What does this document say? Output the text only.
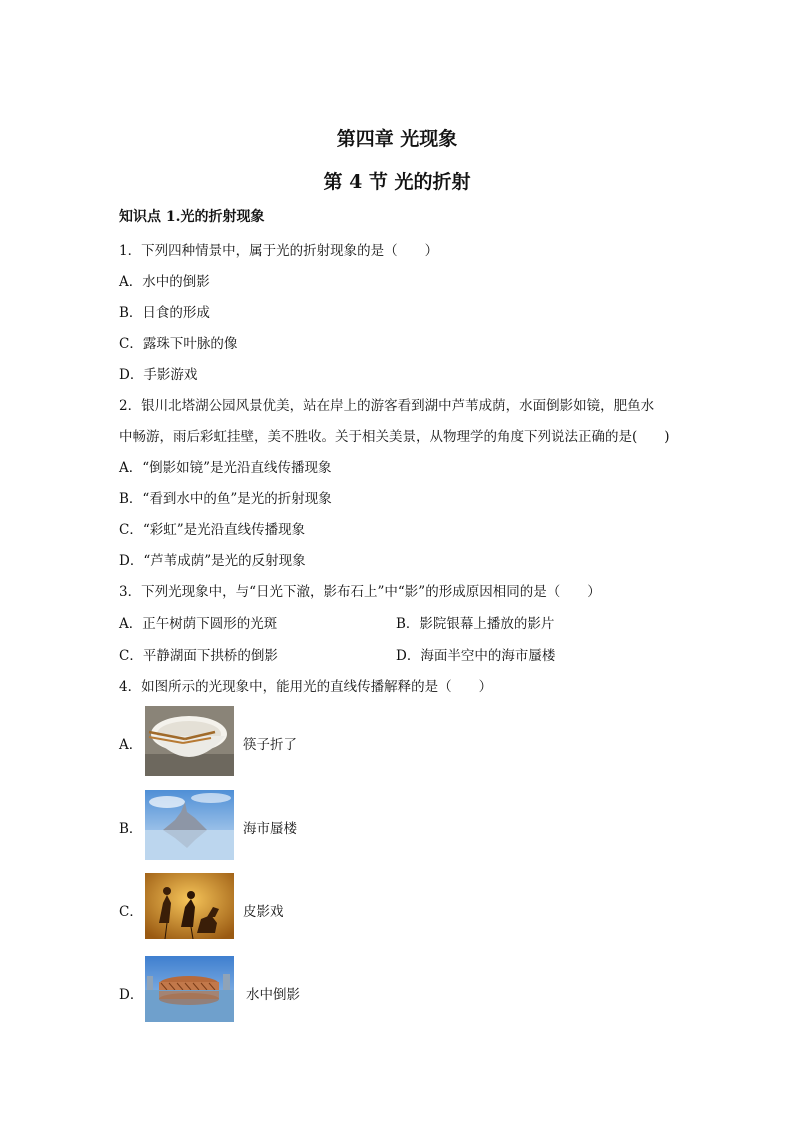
第四章 光现象
第 4 节 光的折射
知识点 1.光的折射现象
1．下列四种情景中，属于光的折射现象的是（　　）
A．水中的倒影
B．日食的形成
C．露珠下叶脉的像
D．手影游戏
2．银川北塔湖公园风景优美，站在岸上的游客看到湖中芦苇成荫，水面倒影如镜，肥鱼水
中畅游，雨后彩虹挂壁，美不胜收。关于相关美景，从物理学的角度下列说法正确的是(　　)
A．“倒影如镜”是光沿直线传播现象
B．“看到水中的鱼”是光的折射现象
C．“彩虹”是光沿直线传播现象
D．“芦苇成荫”是光的反射现象
3．下列光现象中，与“日光下澈，影布石上”中“影”的形成原因相同的是（　　）
A．正午树荫下圆形的光斑	B．影院银幕上播放的影片
C．平静湖面下拱桥的倒影	D．海面半空中的海市蜃楼
4．如图所示的光现象中，能用光的直线传播解释的是（　　）
A．	筷子折了
B．	海市蜃楼
C．	皮影戏
D．	水中倒影
